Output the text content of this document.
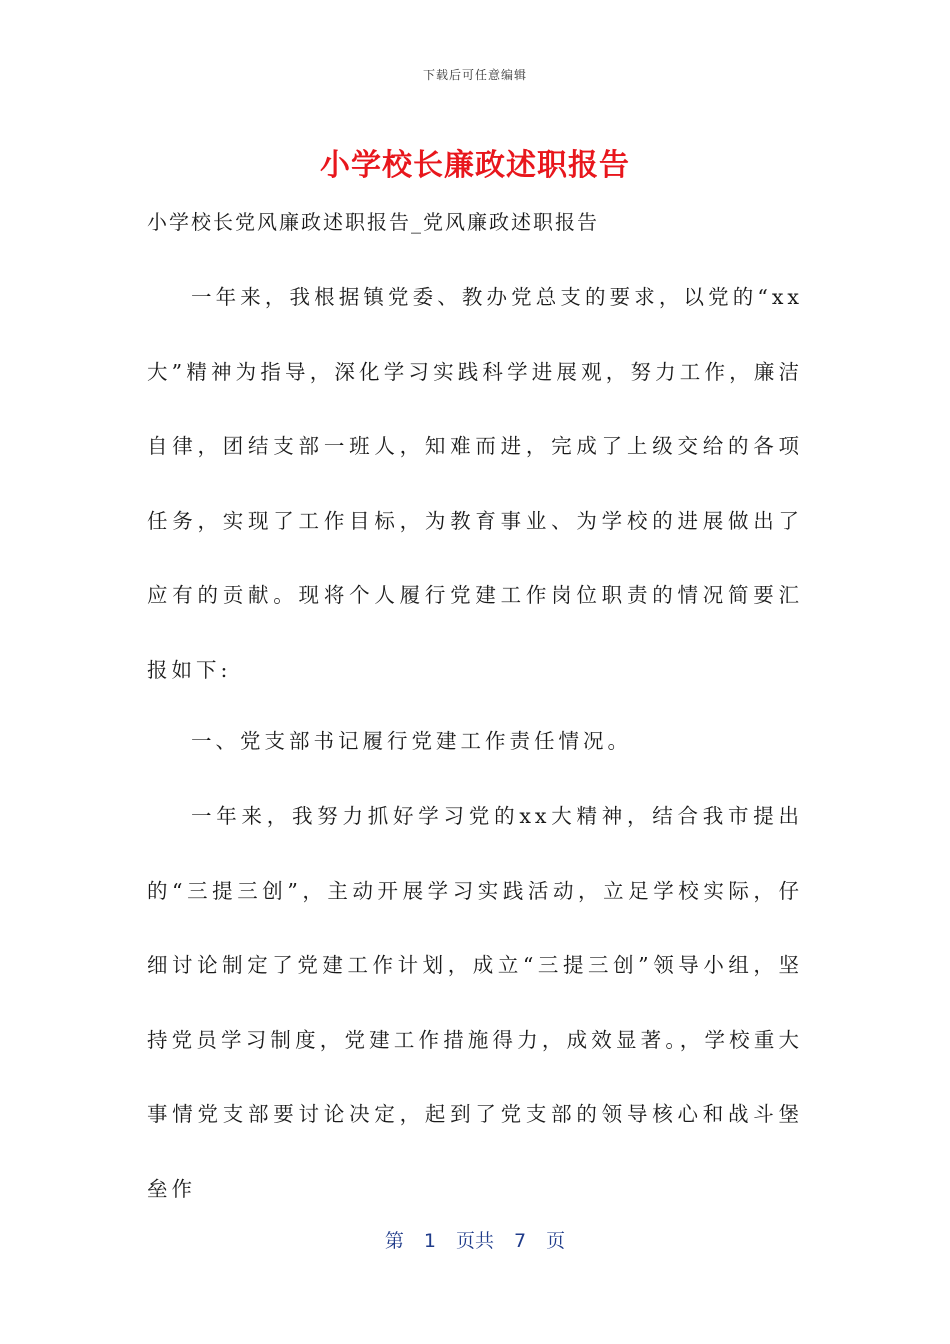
下载后可任意编辑
小学校长廉政述职报告
小学校长党风廉政述职报告_党风廉政述职报告

一年来，我根据镇党委、教办党总支的要求，以党的“xx大”精神为指导，深化学习实践科学进展观，努力工作，廉洁自律，团结支部一班人，知难而进，完成了上级交给的各项任务，实现了工作目标，为教育事业、为学校的进展做出了应有的贡献。现将个人履行党建工作岗位职责的情况简要汇报如下:

一、党支部书记履行党建工作责任情况。

一年来，我努力抓好学习党的xx大精神，结合我市提出的“三提三创”，主动开展学习实践活动，立足学校实际，仔细讨论制定了党建工作计划，成立“三提三创”领导小组，坚持党员学习制度，党建工作措施得力，成效显著。，学校重大事情党支部要讨论决定，起到了党支部的领导核心和战斗堡垒作

第 1 页共 7 页
